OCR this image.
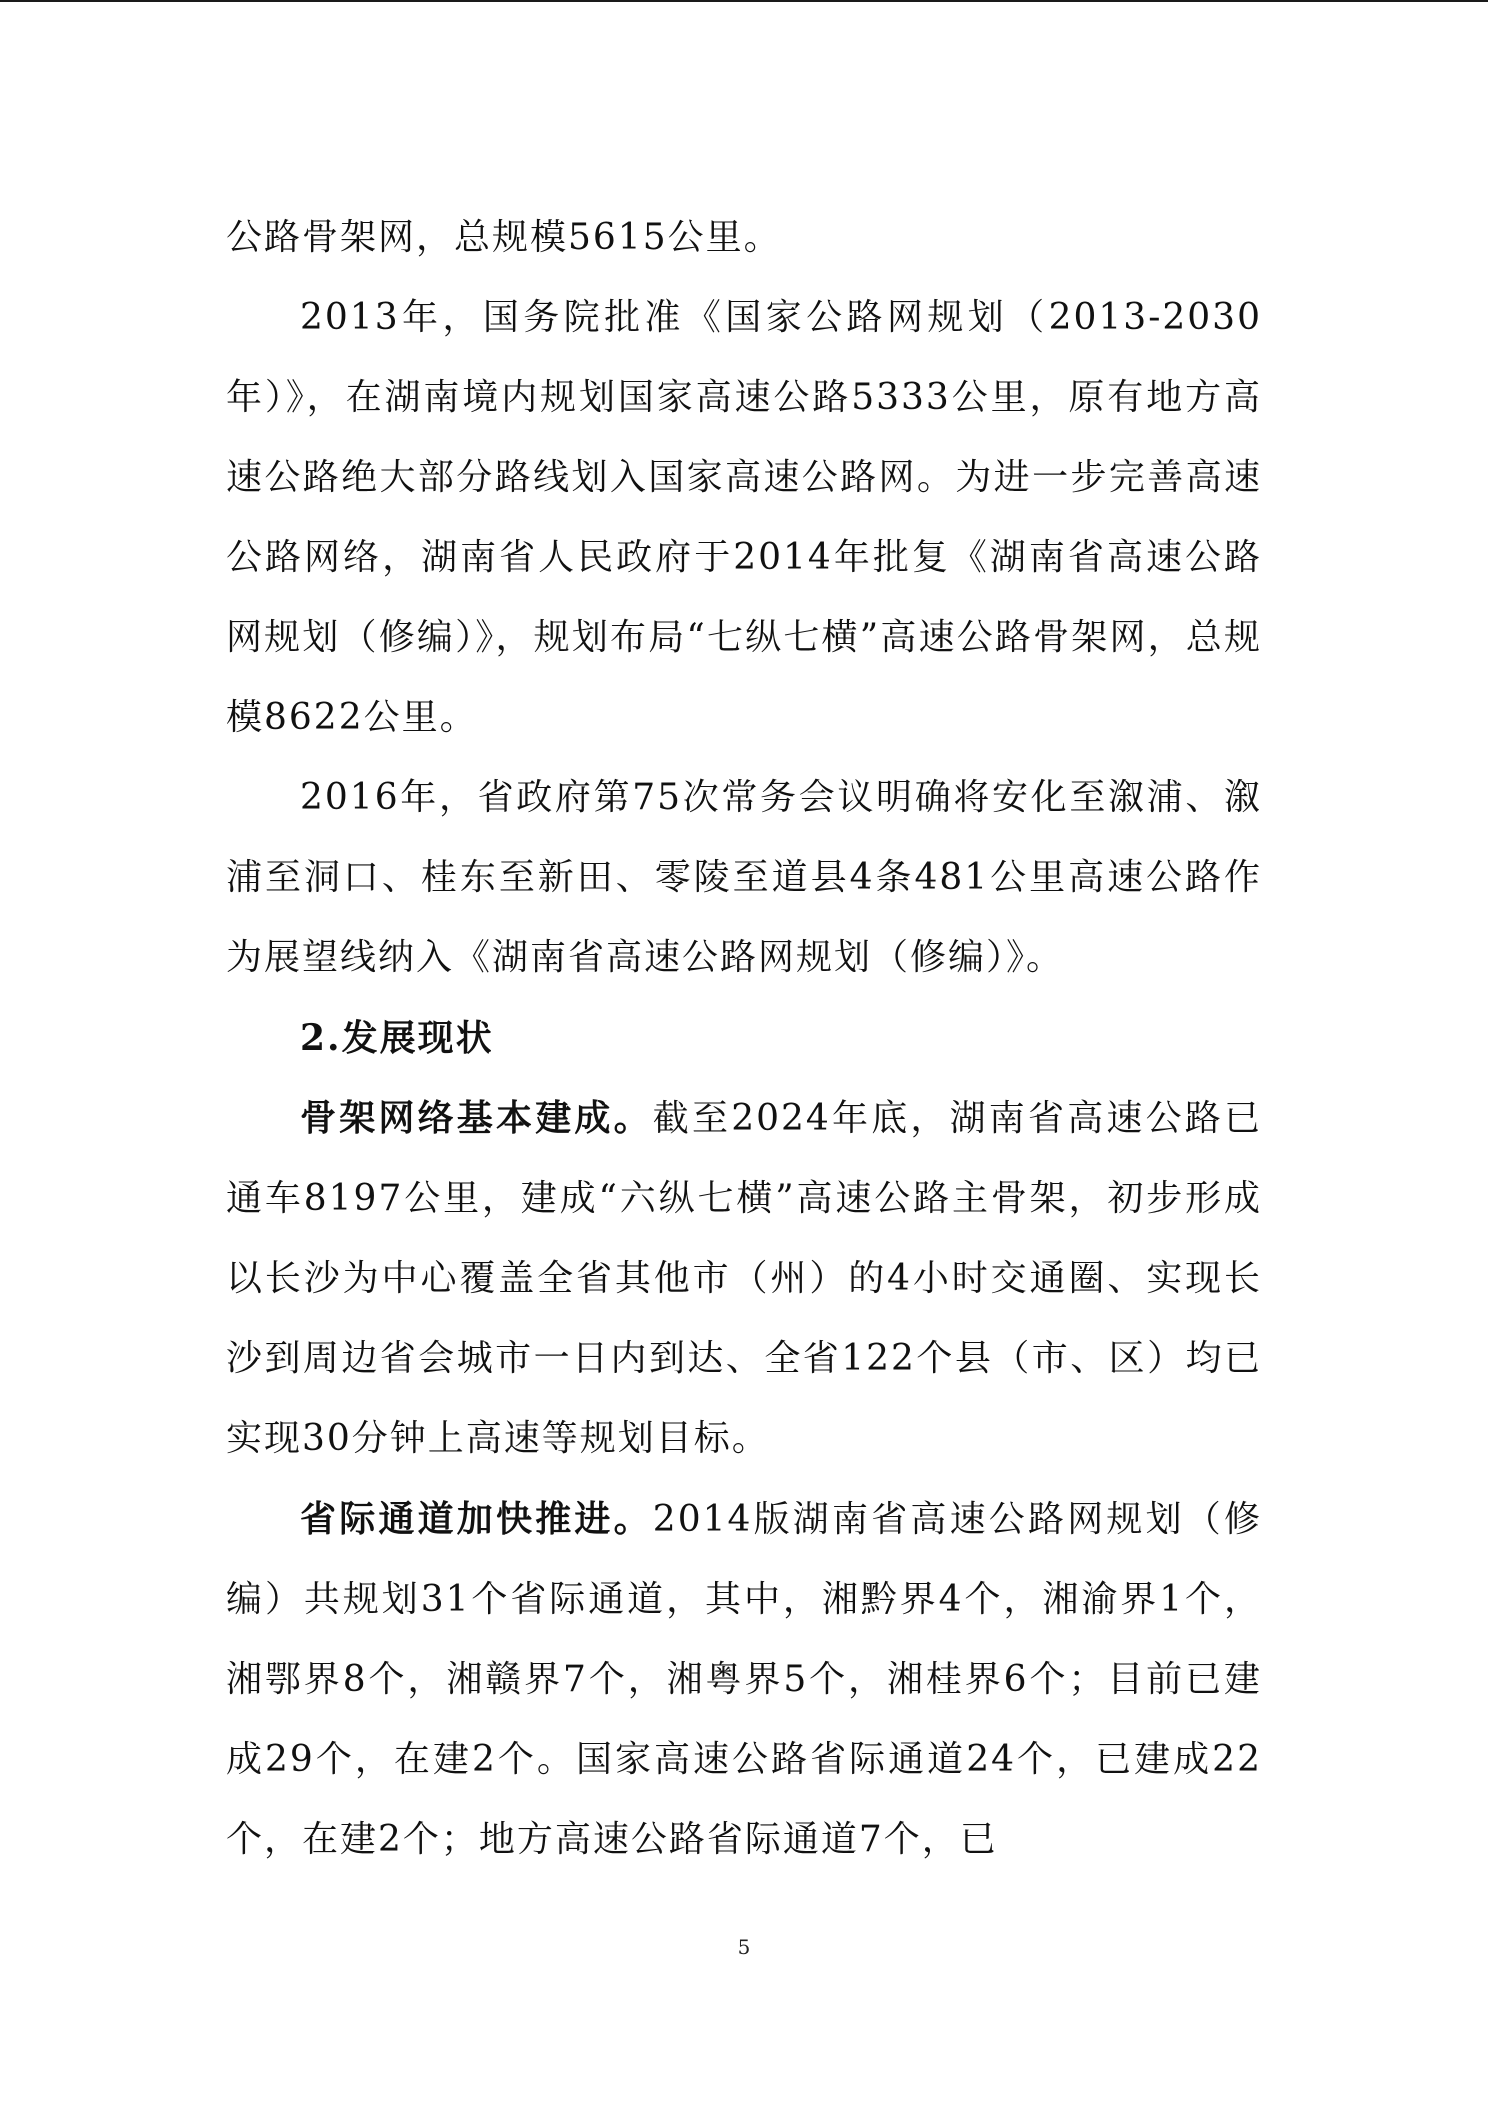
公路骨架网，总规模5615公里。

2013年，国务院批准《国家公路网规划（2013-2030年）》，在湖南境内规划国家高速公路5333公里，原有地方高速公路绝大部分路线划入国家高速公路网。为进一步完善高速公路网络，湖南省人民政府于2014年批复《湖南省高速公路网规划（修编）》，规划布局“七纵七横”高速公路骨架网，总规模8622公里。

2016年，省政府第75次常务会议明确将安化至溆浦、溆浦至洞口、桂东至新田、零陵至道县4条481公里高速公路作为展望线纳入《湖南省高速公路网规划（修编）》。

2.发展现状

骨架网络基本建成。截至2024年底，湖南省高速公路已通车8197公里，建成“六纵七横”高速公路主骨架，初步形成以长沙为中心覆盖全省其他市（州）的4小时交通圈、实现长沙到周边省会城市一日内到达、全省122个县（市、区）均已实现30分钟上高速等规划目标。

省际通道加快推进。2014版湖南省高速公路网规划（修编）共规划31个省际通道，其中，湘黔界4个，湘渝界1个，湘鄂界8个，湘赣界7个，湘粤界5个，湘桂界6个；目前已建成29个，在建2个。国家高速公路省际通道24个，已建成22个，在建2个；地方高速公路省际通道7个，已

5
